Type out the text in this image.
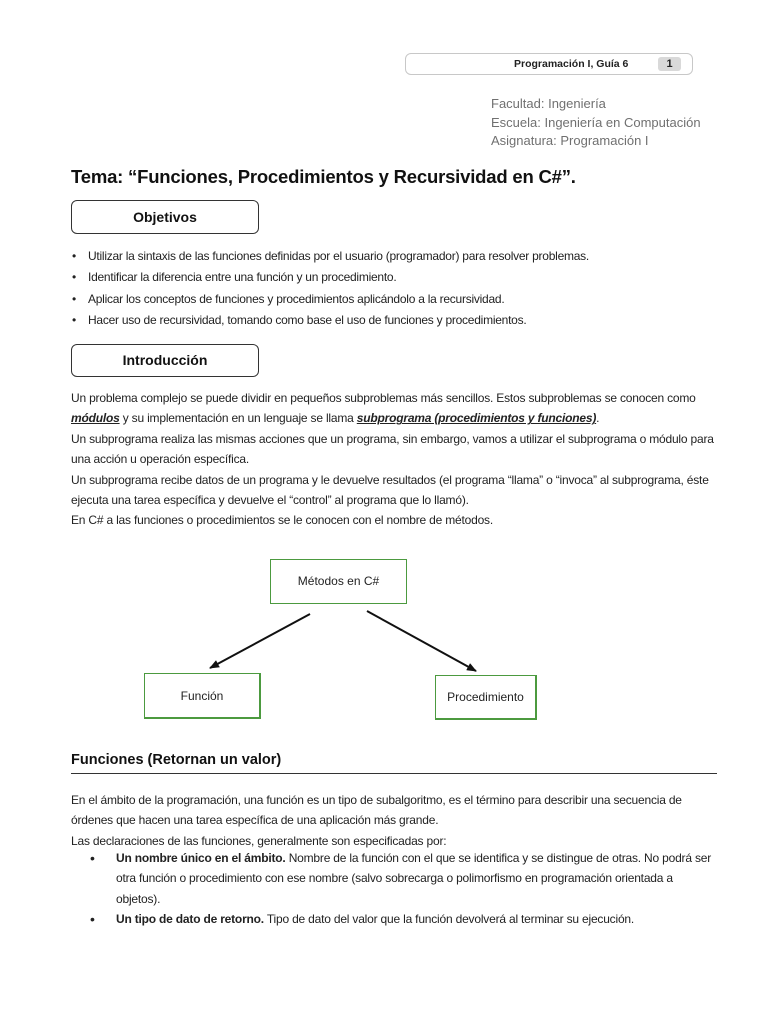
Programación I, Guía 6	1
Facultad: Ingeniería
Escuela: Ingeniería en Computación
Asignatura: Programación I
Tema: “Funciones, Procedimientos y Recursividad en C#”.
Objetivos
• Utilizar la sintaxis de las funciones definidas por el usuario (programador) para resolver problemas.
• Identificar la diferencia entre una función y un procedimiento.
• Aplicar los conceptos de funciones y procedimientos aplicándolo a la recursividad.
• Hacer uso de recursividad, tomando como base el uso de funciones y procedimientos.
Introducción

Un problema complejo se puede dividir en pequeños subproblemas más sencillos. Estos subproblemas se conocen como módulos y su implementación en un lenguaje se llama subprograma (procedimientos y funciones).

Un subprograma realiza las mismas acciones que un programa, sin embargo, vamos a utilizar el subprograma o módulo para una acción u operación específica.

Un subprograma recibe datos de un programa y le devuelve resultados (el programa “llama” o “invoca” al subprograma, éste ejecuta una tarea específica y devuelve el “control” al programa que lo llamó).

En C# a las funciones o procedimientos se le conocen con el nombre de métodos.

Métodos en C#
Función	Procedimiento
Funciones (Retornan un valor)

En el ámbito de la programación, una función es un tipo de subalgoritmo, es el término para describir una secuencia de órdenes que hacen una tarea específica de una aplicación más grande.

Las declaraciones de las funciones, generalmente son especificadas por:

• Un nombre único en el ámbito. Nombre de la función con el que se identifica y se distingue de otras. No podrá ser otra función o procedimiento con ese nombre (salvo sobrecarga o polimorfismo en programación orientada a objetos).
• Un tipo de dato de retorno. Tipo de dato del valor que la función devolverá al terminar su ejecución.
